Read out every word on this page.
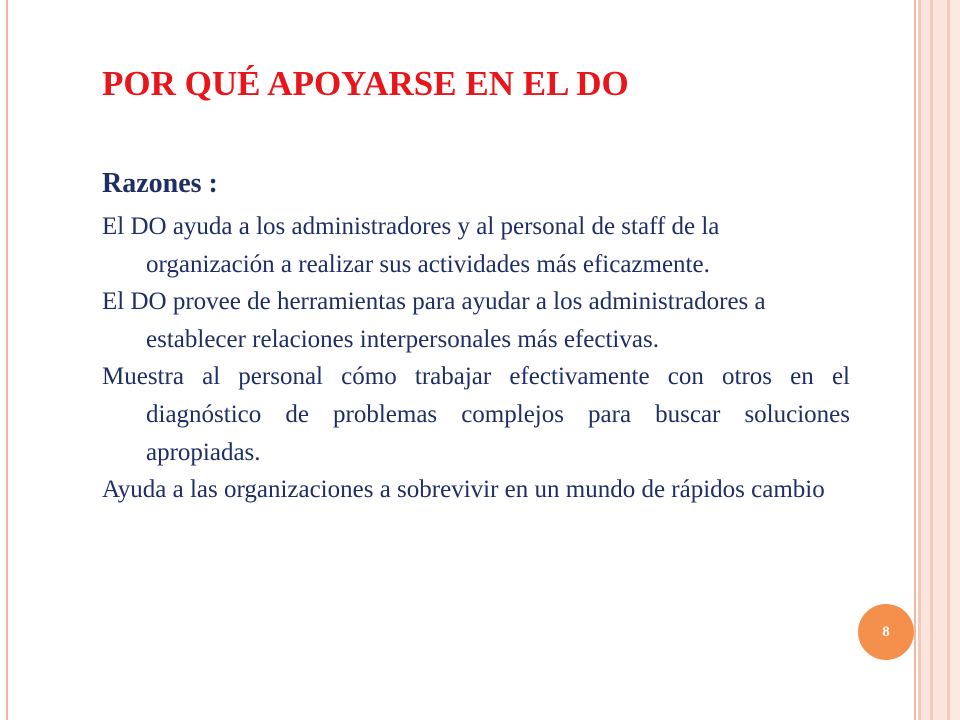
POR QUÉ APOYARSE EN EL DO
Razones :

El DO ayuda a los administradores y al personal de staff de la organización a realizar sus actividades más eficazmente.

El DO provee de herramientas para ayudar a los administradores a establecer relaciones interpersonales más efectivas.

Muestra al personal cómo trabajar efectivamente con otros en el diagnóstico de problemas complejos para buscar soluciones apropiadas.

Ayuda a las organizaciones a sobrevivir en un mundo de rápidos cambio

8
